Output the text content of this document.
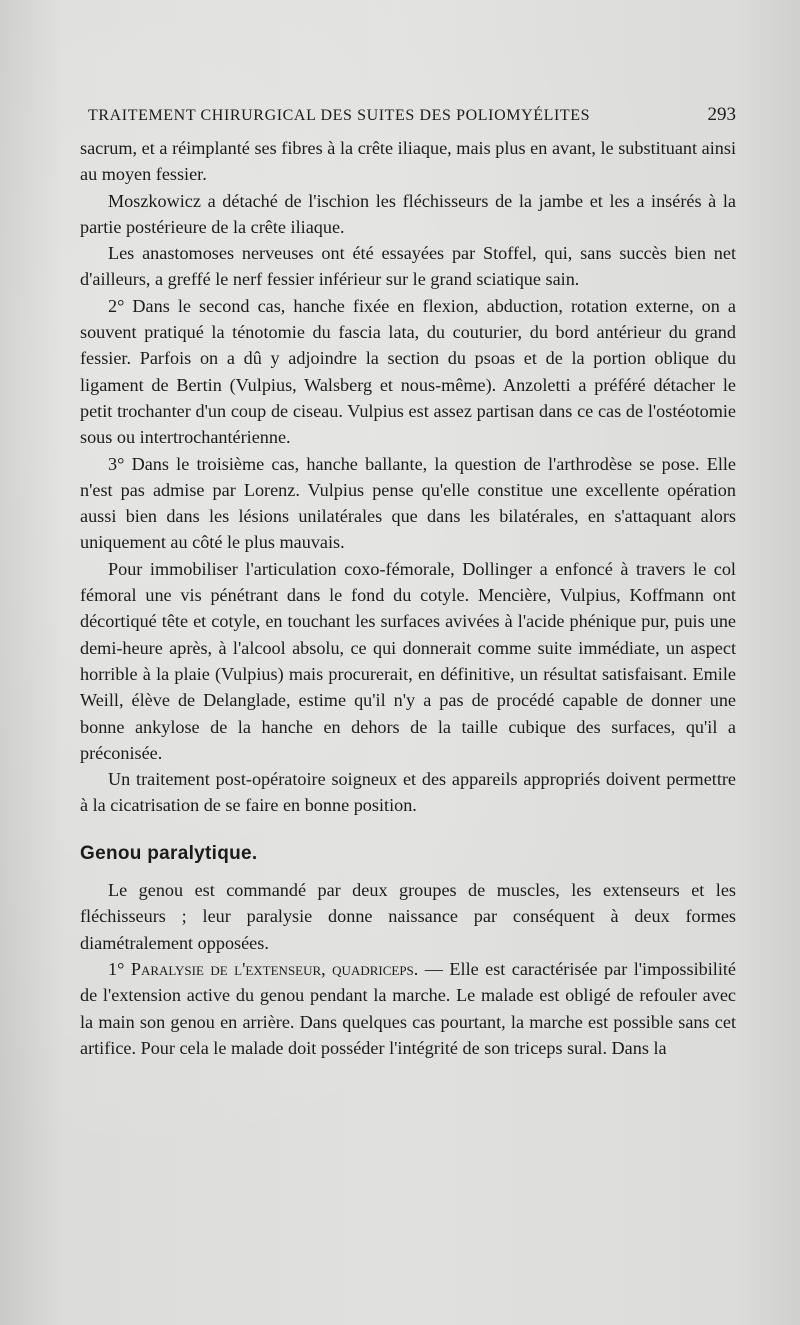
TRAITEMENT CHIRURGICAL DES SUITES DES POLIOMYÉLITES	293

sacrum, et a réimplanté ses fibres à la crête iliaque, mais plus en avant, le substituant ainsi au moyen fessier.

Moszkowicz a détaché de l'ischion les fléchisseurs de la jambe et les a insérés à la partie postérieure de la crête iliaque.

Les anastomoses nerveuses ont été essayées par Stoffel, qui, sans succès bien net d'ailleurs, a greffé le nerf fessier inférieur sur le grand sciatique sain.

2° Dans le second cas, hanche fixée en flexion, abduction, rotation externe, on a souvent pratiqué la ténotomie du fascia lata, du couturier, du bord antérieur du grand fessier. Parfois on a dû y adjoindre la section du psoas et de la portion oblique du ligament de Bertin (Vulpius, Walsberg et nous-même). Anzoletti a préféré détacher le petit trochanter d'un coup de ciseau. Vulpius est assez partisan dans ce cas de l'ostéotomie sous ou intertrochantérienne.

3° Dans le troisième cas, hanche ballante, la question de l'arthrodèse se pose. Elle n'est pas admise par Lorenz. Vulpius pense qu'elle constitue une excellente opération aussi bien dans les lésions unilatérales que dans les bilatérales, en s'attaquant alors uniquement au côté le plus mauvais.

Pour immobiliser l'articulation coxo-fémorale, Dollinger a enfoncé à travers le col fémoral une vis pénétrant dans le fond du cotyle. Mencière, Vulpius, Koffmann ont décortiqué tête et cotyle, en touchant les surfaces avivées à l'acide phénique pur, puis une demi-heure après, à l'alcool absolu, ce qui donnerait comme suite immédiate, un aspect horrible à la plaie (Vulpius) mais procurerait, en définitive, un résultat satisfaisant. Emile Weill, élève de Delanglade, estime qu'il n'y a pas de procédé capable de donner une bonne ankylose de la hanche en dehors de la taille cubique des surfaces, qu'il a préconisée.

Un traitement post-opératoire soigneux et des appareils appropriés doivent permettre à la cicatrisation de se faire en bonne position.

Genou paralytique.

Le genou est commandé par deux groupes de muscles, les extenseurs et les fléchisseurs ; leur paralysie donne naissance par conséquent à deux formes diamétralement opposées.

1° Paralysie de l'extenseur, quadriceps. — Elle est caractérisée par l'impossibilité de l'extension active du genou pendant la marche. Le malade est obligé de refouler avec la main son genou en arrière. Dans quelques cas pourtant, la marche est possible sans cet artifice. Pour cela le malade doit posséder l'intégrité de son triceps sural. Dans la
